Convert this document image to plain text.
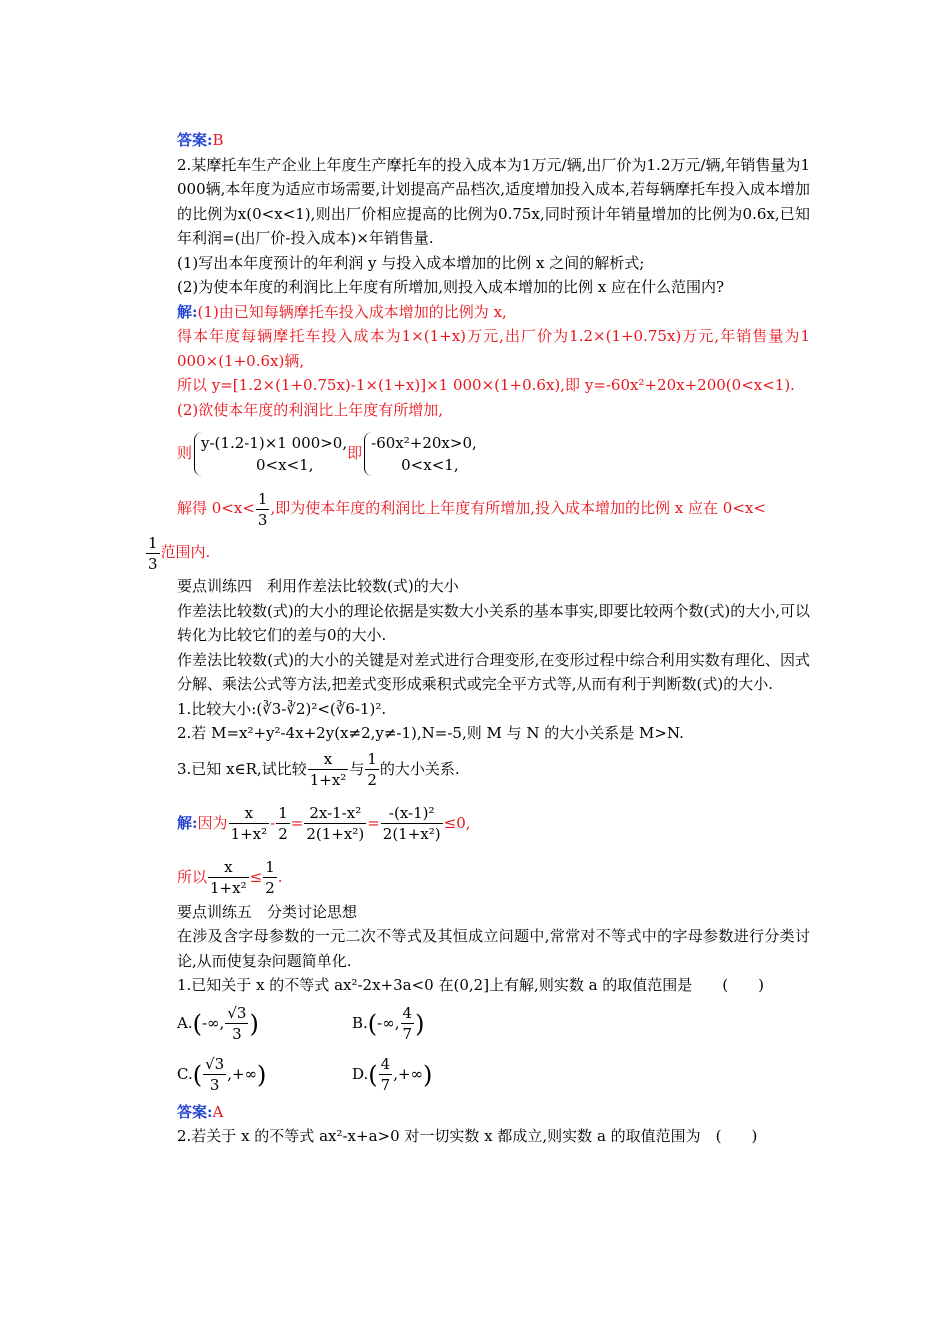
答案:B
2.某摩托车生产企业上年度生产摩托车的投入成本为1万元/辆,出厂价为1.2万元/辆,年销售量为1 000辆,本年度为适应市场需要,计划提高产品档次,适度增加投入成本,若每辆摩托车投入成本增加的比例为x(0<x<1),则出厂价相应提高的比例为0.75x,同时预计年销量增加的比例为0.6x,已知年利润=(出厂价-投入成本)×年销售量.
(1)写出本年度预计的年利润 y 与投入成本增加的比例 x 之间的解析式;
(2)为使本年度的利润比上年度有所增加,则投入成本增加的比例 x 应在什么范围内?
解:(1)由已知每辆摩托车投入成本增加的比例为 x,
得本年度每辆摩托车投入成本为1×(1+x)万元,出厂价为1.2×(1+0.75x)万元,年销售量为1 000×(1+0.6x)辆,
所以 y=[1.2×(1+0.75x)-1×(1+x)]×1 000×(1+0.6x),即 y=-60x²+20x+200(0<x<1).
(2)欲使本年度的利润比上年度有所增加,
则y-(1.2-1)×1 000>0,
0<x<1,即-60x²+20x>0,
0<x<1,
解得 $0<x< \frac{1}{3}$ ,即为使本年度的利润比上年度有所增加,投入成本增加的比例 x 应在 0<x<
$\frac{1}{3}$ 范围内.
要点训练四　利用作差法比较数(式)的大小
作差法比较数(式)的大小的理论依据是实数大小关系的基本事实,即要比较两个数(式)的大小,可以转化为比较它们的差与0的大小.
作差法比较数(式)的大小的关键是对差式进行合理变形,在变形过程中综合利用实数有理化、因式分解、乘法公式等方法,把差式变形成乘积式或完全平方式等,从而有利于判断数(式)的大小.
1.比较大小:(∛3-∛2)²<(∛6-1)².
2.若 M=x²+y²-4x+2y(x≠2,y≠-1),N=-5,则 M 与 N 的大小关系是 M>N.
3.已知 x∈R,试比较 $\frac{x}{\text{1+x²}}$ 与 $\frac{1}{2}$ 的大小关系.
解:因为 $\frac{x}{\text{1+x²}} - \frac{1}{2} = \frac{\text{2x-1-x²}}{\text{2(1+x²)}} = \frac{\text{-(x-1)²}}{\text{2(1+x²)}} \le 0$,
所以 $\frac{x}{\text{1+x²}} \le \frac{1}{2}$ .
要点训练五　分类讨论思想
在涉及含字母参数的一元二次不等式及其恒成立问题中,常常对不等式中的字母参数进行分类讨论,从而使复杂问题简单化.
1.已知关于 x 的不等式 ax²-2x+3a<0 在(0,2]上有解,则实数 a 的取值范围是　　(　　)
A.(-∞, $\frac{√3}{3}$ )	B.(-∞, $\frac{4}{7}$ )
$C.( \frac{√3}{3}$ ,+∞)	$D.( \frac{4}{7}$ ,+∞)
答案:A
2.若关于 x 的不等式 ax²-x+a>0 对一切实数 x 都成立,则实数 a 的取值范围为　(　　)
